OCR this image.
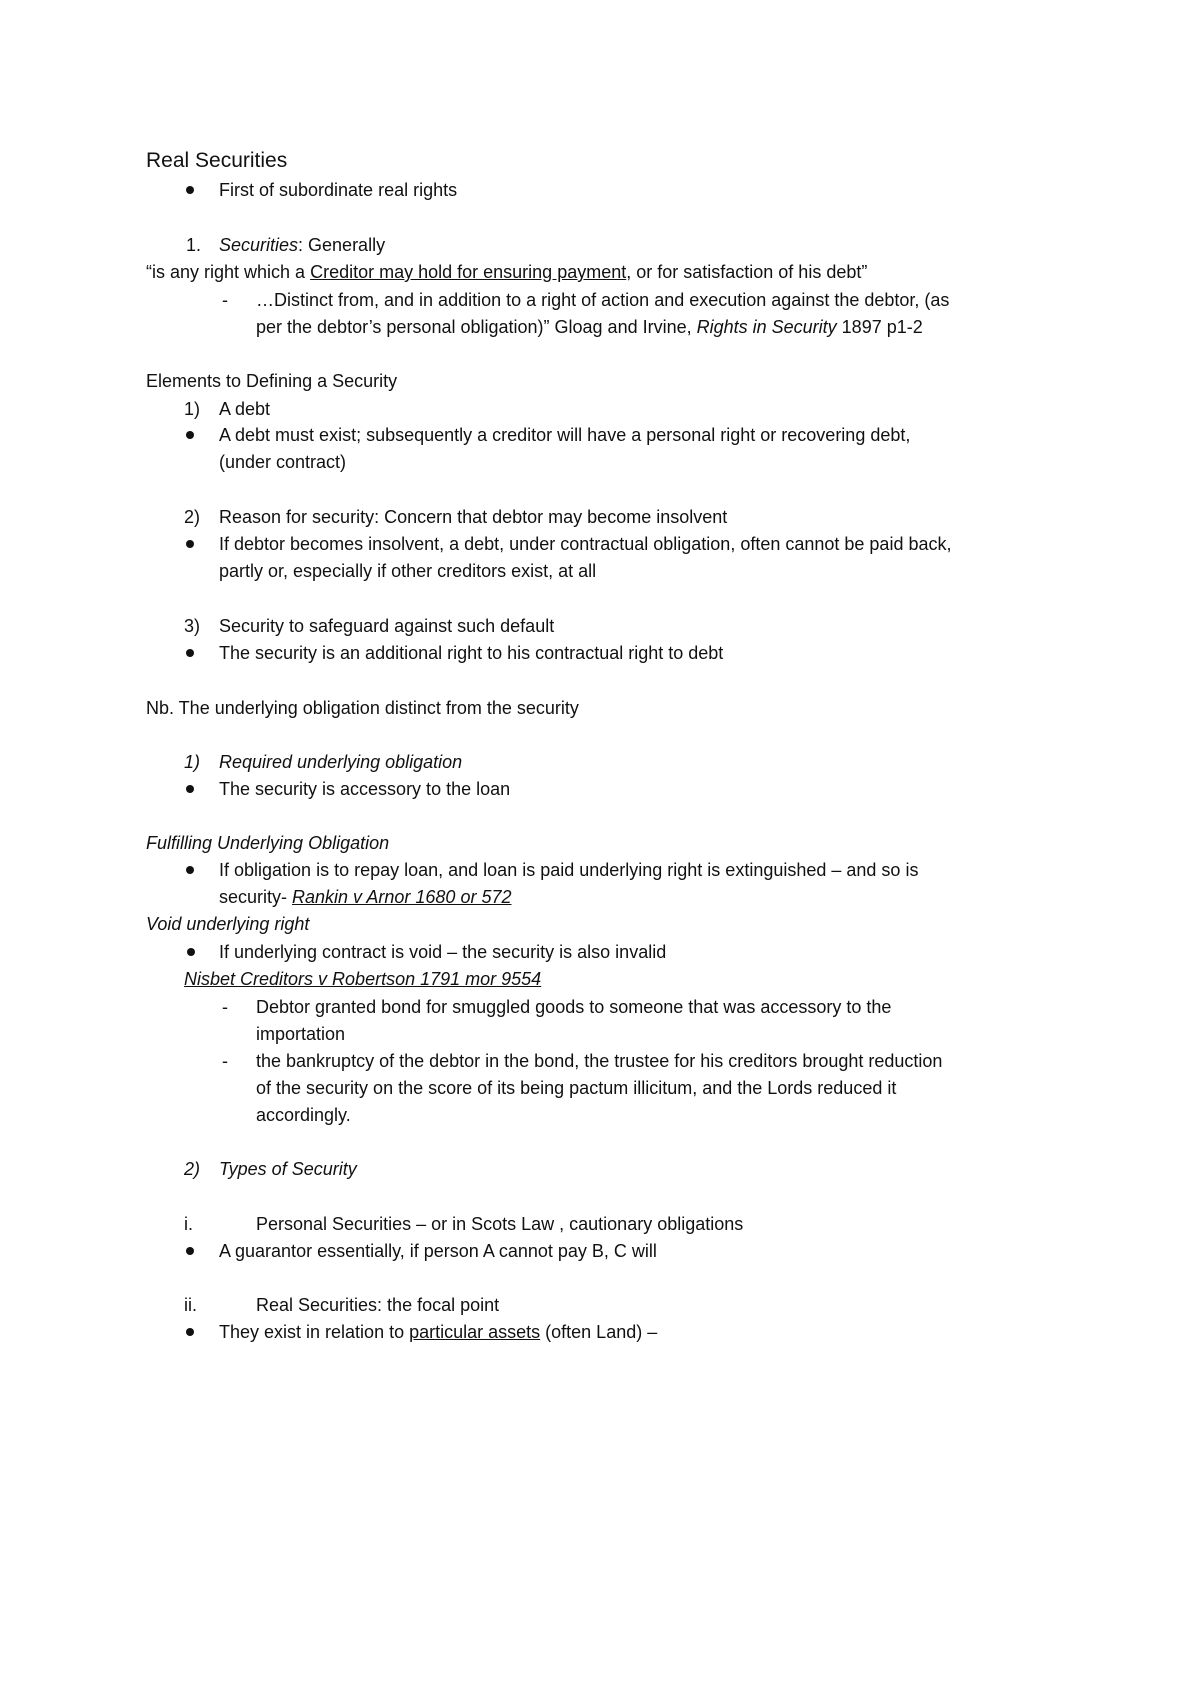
Real Securities
First of subordinate real rights
1. Securities: Generally
“is any right which a Creditor may hold for ensuring payment, or for satisfaction of his debt”
- …Distinct from, and in addition to a right of action and execution against the debtor, (as
per the debtor’s personal obligation)” Gloag and Irvine, Rights in Security 1897 p1-2
Elements to Defining a Security
1) A debt
A debt must exist; subsequently a creditor will have a personal right or recovering debt,
(under contract)
2) Reason for security: Concern that debtor may become insolvent
If debtor becomes insolvent, a debt, under contractual obligation, often cannot be paid back,
partly or, especially if other creditors exist, at all
3) Security to safeguard against such default
The security is an additional right to his contractual right to debt
Nb. The underlying obligation distinct from the security
1) Required underlying obligation
The security is accessory to the loan
Fulfilling Underlying Obligation
If obligation is to repay loan, and loan is paid underlying right is extinguished – and so is
security- Rankin v Arnor 1680 or 572
Void underlying right
If underlying contract is void – the security is also invalid
Nisbet Creditors v Robertson 1791 mor 9554
- Debtor granted bond for smuggled goods to someone that was accessory to the
importation
- the bankruptcy of the debtor in the bond, the trustee for his creditors brought reduction
of the security on the score of its being pactum illicitum, and the Lords reduced it
accordingly.
2) Types of Security
i.	Personal Securities – or in Scots Law , cautionary obligations
A guarantor essentially, if person A cannot pay B, C will
ii.	Real Securities: the focal point
They exist in relation to particular assets (often Land) –
